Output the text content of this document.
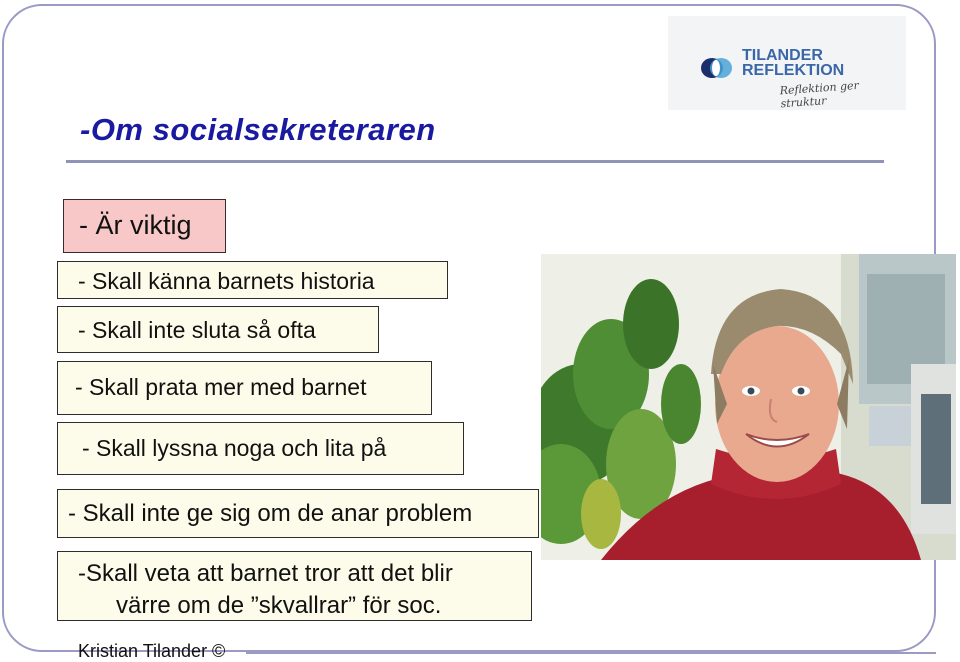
TILANDER
REFLEKTION
Reflektion ger struktur
-Om socialsekreteraren
- Är viktig
- Skall känna barnets historia
- Skall inte sluta så ofta
- Skall prata mer med barnet
- Skall lyssna noga och lita på
- Skall inte ge sig om de anar problem
-Skall veta att barnet tror att det blir
värre om de ”skvallrar” för soc.
Kristian Tilander ©
